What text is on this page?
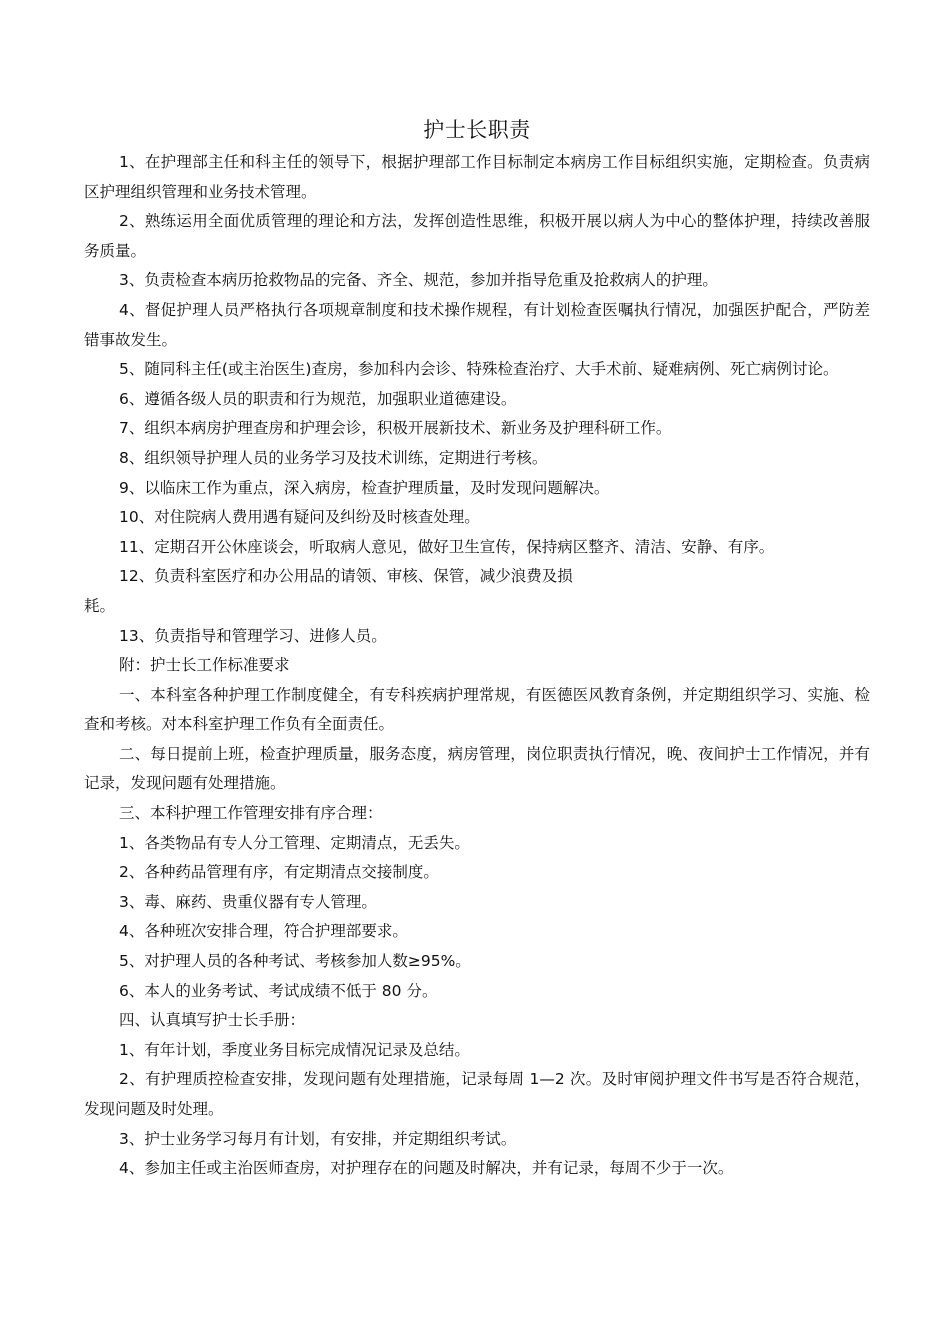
护士长职责

1、在护理部主任和科主任的领导下，根据护理部工作目标制定本病房工作目标组织实施，定期检查。负责病区护理组织管理和业务技术管理。

2、熟练运用全面优质管理的理论和方法，发挥创造性思维，积极开展以病人为中心的整体护理，持续改善服务质量。

3、负责检查本病历抢救物品的完备、齐全、规范，参加并指导危重及抢救病人的护理。

4、督促护理人员严格执行各项规章制度和技术操作规程，有计划检查医嘱执行情况，加强医护配合，严防差错事故发生。

5、随同科主任(或主治医生)查房，参加科内会诊、特殊检查治疗、大手术前、疑难病例、死亡病例讨论。

6、遵循各级人员的职责和行为规范，加强职业道德建设。

7、组织本病房护理查房和护理会诊，积极开展新技术、新业务及护理科研工作。

8、组织领导护理人员的业务学习及技术训练，定期进行考核。

9、以临床工作为重点，深入病房，检查护理质量，及时发现问题解决。

10、对住院病人费用遇有疑问及纠纷及时核查处理。

11、定期召开公休座谈会，听取病人意见，做好卫生宣传，保持病区整齐、清洁、安静、有序。

12、负责科室医疗和办公用品的请领、审核、保管，减少浪费及损
耗。

13、负责指导和管理学习、进修人员。

附：护士长工作标准要求

一、本科室各种护理工作制度健全，有专科疾病护理常规，有医德医风教育条例，并定期组织学习、实施、检查和考核。对本科室护理工作负有全面责任。

二、每日提前上班，检查护理质量，服务态度，病房管理，岗位职责执行情况，晚、夜间护士工作情况，并有记录，发现问题有处理措施。

三、本科护理工作管理安排有序合理：

1、各类物品有专人分工管理、定期清点，无丢失。

2、各种药品管理有序，有定期清点交接制度。

3、毒、麻药、贵重仪器有专人管理。

4、各种班次安排合理，符合护理部要求。

5、对护理人员的各种考试、考核参加人数≥95%。

6、本人的业务考试、考试成绩不低于 80 分。

四、认真填写护士长手册：

1、有年计划，季度业务目标完成情况记录及总结。

2、有护理质控检查安排，发现问题有处理措施，记录每周 1—2 次。及时审阅护理文件书写是否符合规范，发现问题及时处理。

3、护士业务学习每月有计划，有安排，并定期组织考试。

4、参加主任或主治医师查房，对护理存在的问题及时解决，并有记录，每周不少于一次。
